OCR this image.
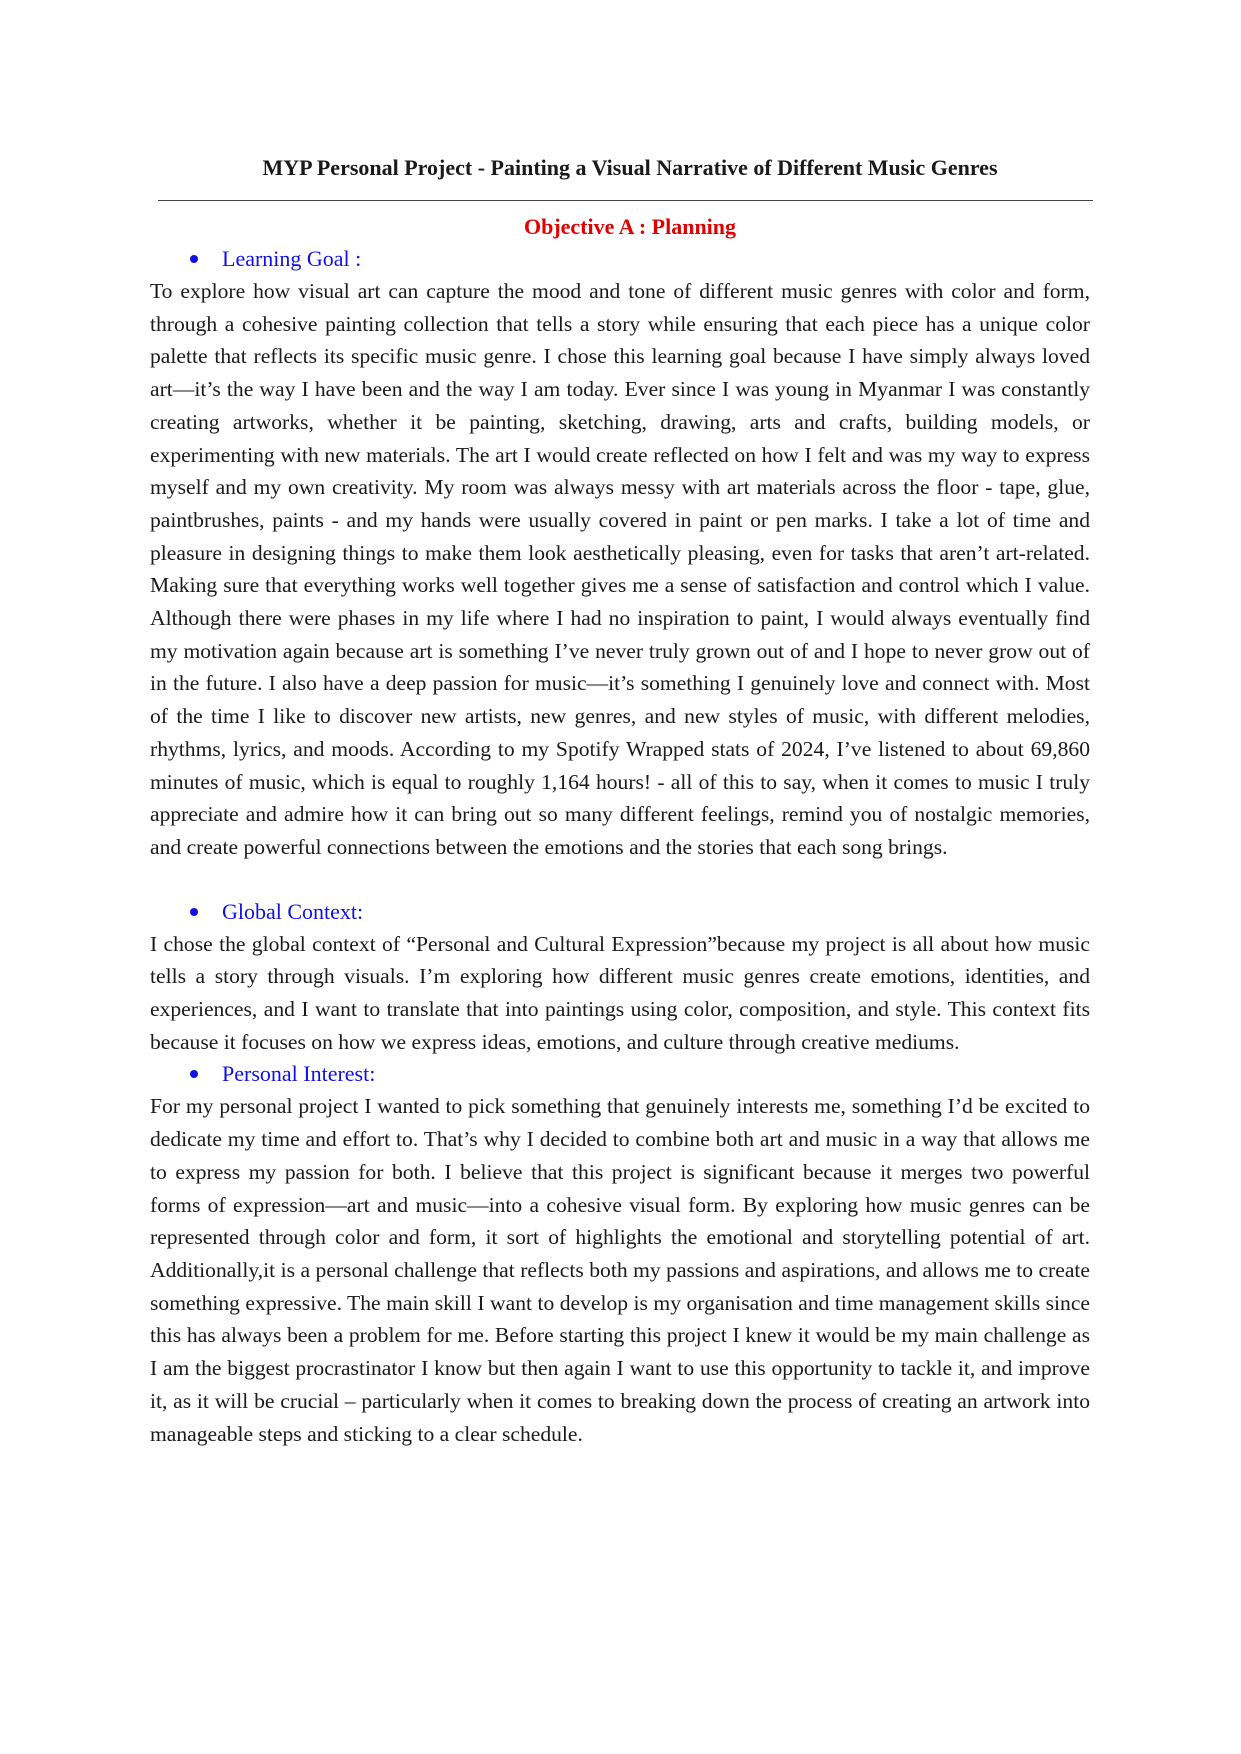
MYP Personal Project - Painting a Visual Narrative of Different Music Genres
Objective A : Planning
Learning Goal :

To explore how visual art can capture the mood and tone of different music genres with color and form, through a cohesive painting collection that tells a story while ensuring that each piece has a unique color palette that reflects its specific music genre. I chose this learning goal because I have simply always loved art—it’s the way I have been and the way I am today. Ever since I was young in Myanmar I was constantly creating artworks, whether it be painting, sketching, drawing, arts and crafts, building models, or experimenting with new materials. The art I would create reflected on how I felt and was my way to express myself and my own creativity. My room was always messy with art materials across the floor - tape, glue, paintbrushes, paints - and my hands were usually covered in paint or pen marks. I take a lot of time and pleasure in designing things to make them look aesthetically pleasing, even for tasks that aren’t art-related. Making sure that everything works well together gives me a sense of satisfaction and control which I value. Although there were phases in my life where I had no inspiration to paint, I would always eventually find my motivation again because art is something I’ve never truly grown out of and I hope to never grow out of in the future. I also have a deep passion for music—it’s something I genuinely love and connect with. Most of the time I like to discover new artists, new genres, and new styles of music, with different melodies, rhythms, lyrics, and moods. According to my Spotify Wrapped stats of 2024, I’ve listened to about 69,860 minutes of music, which is equal to roughly 1,164 hours! - all of this to say, when it comes to music I truly appreciate and admire how it can bring out so many different feelings, remind you of nostalgic memories, and create powerful connections between the emotions and the stories that each song brings.

Global Context:

I chose the global context of “Personal and Cultural Expression”because my project is all about how music tells a story through visuals. I’m exploring how different music genres create emotions, identities, and experiences, and I want to translate that into paintings using color, composition, and style. This context fits because it focuses on how we express ideas, emotions, and culture through creative mediums.

Personal Interest:

For my personal project I wanted to pick something that genuinely interests me, something I’d be excited to dedicate my time and effort to. That’s why I decided to combine both art and music in a way that allows me to express my passion for both. I believe that this project is significant because it merges two powerful forms of expression—art and music—into a cohesive visual form. By exploring how music genres can be represented through color and form, it sort of highlights the emotional and storytelling potential of art. Additionally,it is a personal challenge that reflects both my passions and aspirations, and allows me to create something expressive. The main skill I want to develop is my organisation and time management skills since this has always been a problem for me. Before starting this project I knew it would be my main challenge as I am the biggest procrastinator I know but then again I want to use this opportunity to tackle it, and improve it, as it will be crucial – particularly when it comes to breaking down the process of creating an artwork into manageable steps and sticking to a clear schedule.
